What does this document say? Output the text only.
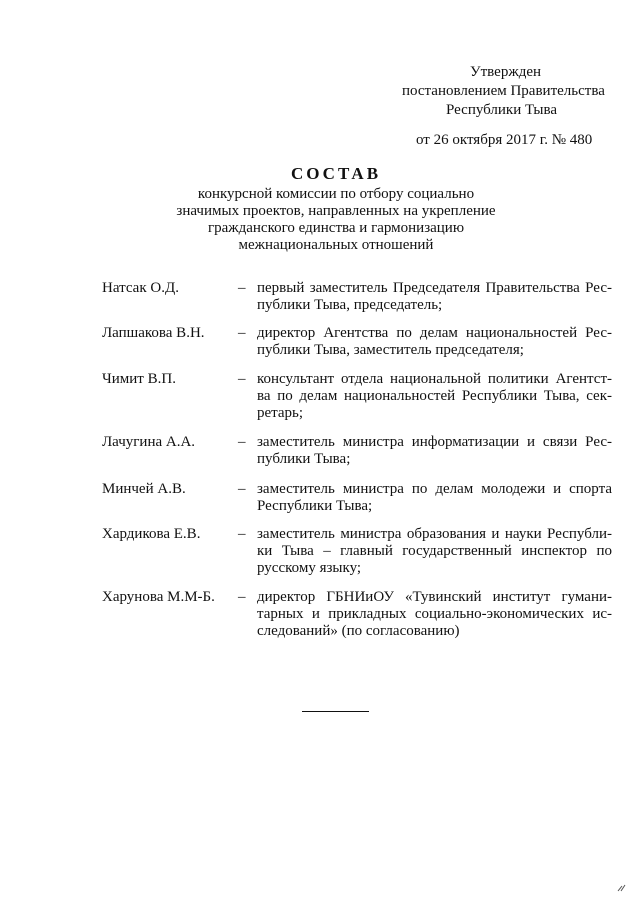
Утвержден
постановлением Правительства
Республики Тыва
от 26 октября 2017 г. № 480
СОСТАВ
конкурсной комиссии по отбору социально
значимых проектов, направленных на укрепление
гражданского единства и гармонизацию
межнациональных отношений
Натсак О.Д.	– первый заместитель Председателя Правительства Рес-
публики Тыва, председатель;
Лапшакова В.Н. – директор Агентства по делам национальностей Рес-
публики Тыва, заместитель председателя;
Чимит В.П.	– консультант отдела национальной политики Агентст-
ва по делам национальностей Республики Тыва, сек-
ретарь;
Лачугина А.А.	– заместитель министра информатизации и связи Рес-
публики Тыва;
Минчей А.В.	– заместитель министра по делам молодежи и спорта
Республики Тыва;
Хардикова Е.В.	– заместитель министра образования и науки Республи-
ки Тыва – главный государственный инспектор по
русскому языку;
Харунова М.М-Б. – директор ГБНИиОУ «Тувинский институт гумани-
тарных и прикладных социально-экономических ис-
следований» (по согласованию)
